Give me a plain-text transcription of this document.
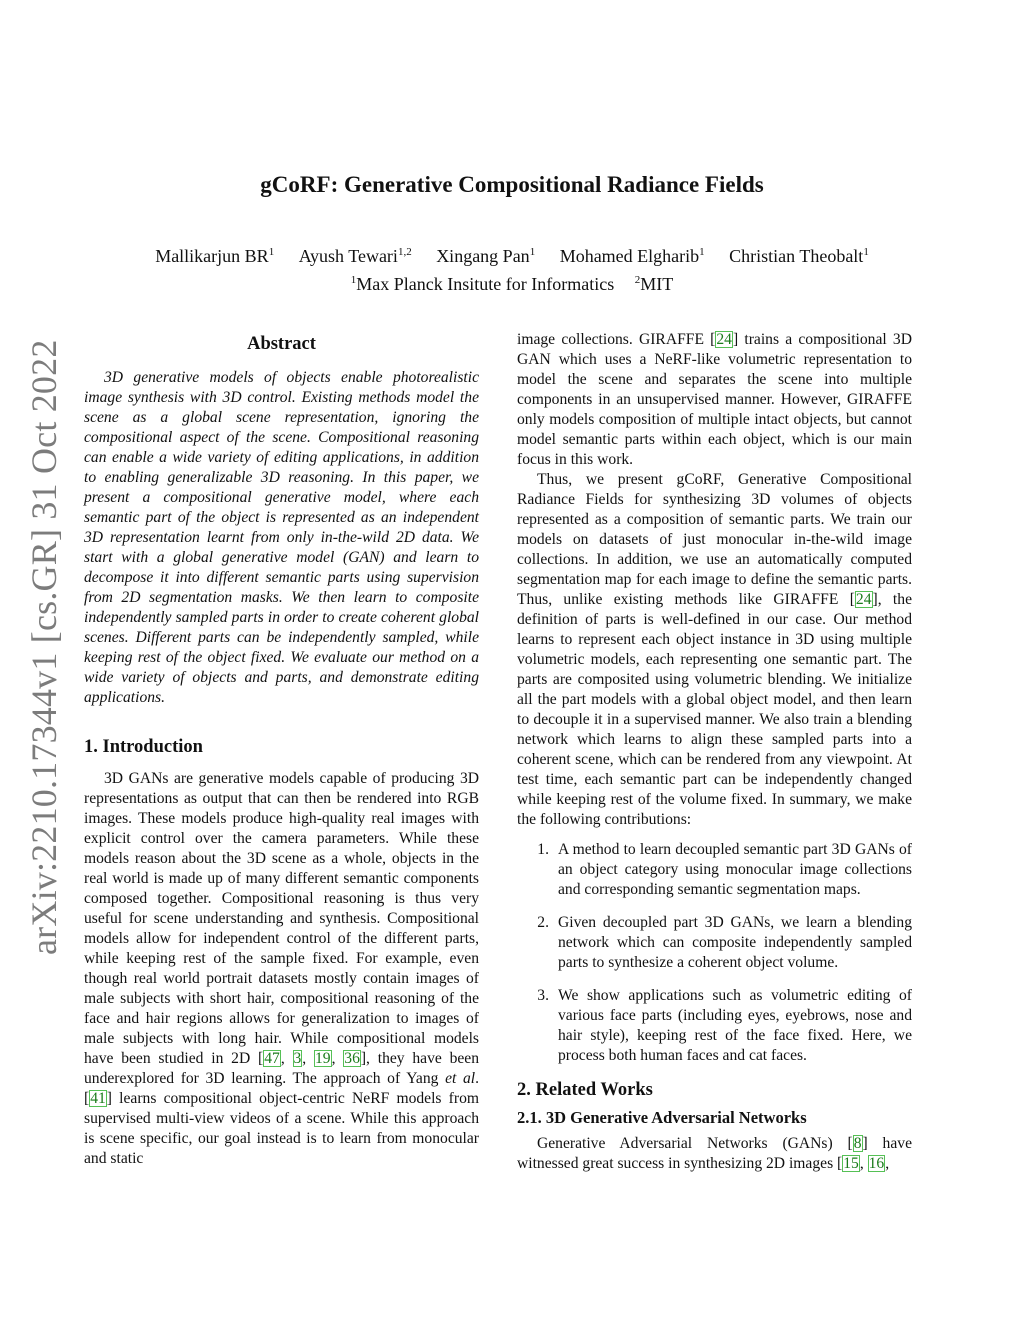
arXiv:2210.17344v1 [cs.GR] 31 Oct 2022
gCoRF: Generative Compositional Radiance Fields
Mallikarjun $BR^1$ Ayush Tewari$^{1,2}$ Xingang Pan$^1$ Mohamed Elgharib$^1$ Christian Theobalt$^1$
$^1$Max Planck Insitute for Informatics $^2$MIT
Abstract

3D generative models of objects enable photorealistic image synthesis with 3D control. Existing methods model the scene as a global scene representation, ignoring the compositional aspect of the scene. Compositional reasoning can enable a wide variety of editing applications, in addition to enabling generalizable 3D reasoning. In this paper, we present a compositional generative model, where each semantic part of the object is represented as an independent 3D representation learnt from only in-the-wild 2D data. We start with a global generative model (GAN) and learn to decompose it into different semantic parts using supervision from 2D segmentation masks. We then learn to composite independently sampled parts in order to create coherent global scenes. Different parts can be independently sampled, while keeping rest of the object fixed. We evaluate our method on a wide variety of objects and parts, and demonstrate editing applications.

1. Introduction

3D GANs are generative models capable of producing 3D representations as output that can then be rendered into RGB images. These models produce high-quality real images with explicit control over the camera parameters. While these models reason about the 3D scene as a whole, objects in the real world is made up of many different semantic components composed together. Compositional reasoning is thus very useful for scene understanding and synthesis. Compositional models allow for independent control of the different parts, while keeping rest of the sample fixed. For example, even though real world portrait datasets mostly contain images of male subjects with short hair, compositional reasoning of the face and hair regions allows for generalization to images of male subjects with long hair. While compositional models have been studied in 2D [47, 3, 19, 36], they have been underexplored for 3D learning. The approach of Yang et al. [41] learns compositional object-centric NeRF models from supervised multi-view videos of a scene. While this approach is scene specific, our goal instead is to learn from monocular and static

image collections. GIRAFFE [24] trains a compositional 3D GAN which uses a NeRF-like volumetric representation to model the scene and separates the scene into multiple components in an unsupervised manner. However, GIRAFFE only models composition of multiple intact objects, but cannot model semantic parts within each object, which is our main focus in this work.

Thus, we present gCoRF, Generative Compositional Radiance Fields for synthesizing 3D volumes of objects represented as a composition of semantic parts. We train our models on datasets of just monocular in-the-wild image collections. In addition, we use an automatically computed segmentation map for each image to define the semantic parts. Thus, unlike existing methods like GIRAFFE [24], the definition of parts is well-defined in our case. Our method learns to represent each object instance in 3D using multiple volumetric models, each representing one semantic part. The parts are composited using volumetric blending. We initialize all the part models with a global object model, and then learn to decouple it in a supervised manner. We also train a blending network which learns to align these sampled parts into a coherent scene, which can be rendered from any viewpoint. At test time, each semantic part can be independently changed while keeping rest of the volume fixed. In summary, we make the following contributions:

1 . A method to learn decoupled semantic part 3D GANs of an object category using monocular image collections and corresponding semantic segmentation maps.
2 . Given decoupled part 3D GANs, we learn a blending network which can composite independently sampled parts to synthesize a coherent object volume.
3 . We show applications such as volumetric editing of various face parts (including eyes, eyebrows, nose and hair style), keeping rest of the face fixed. Here, we process both human faces and cat faces.
2. Related Works
2.1. 3D Generative Adversarial Networks

Generative Adversarial Networks (GANs) [8] have witnessed great success in synthesizing 2D images [15, 16,
